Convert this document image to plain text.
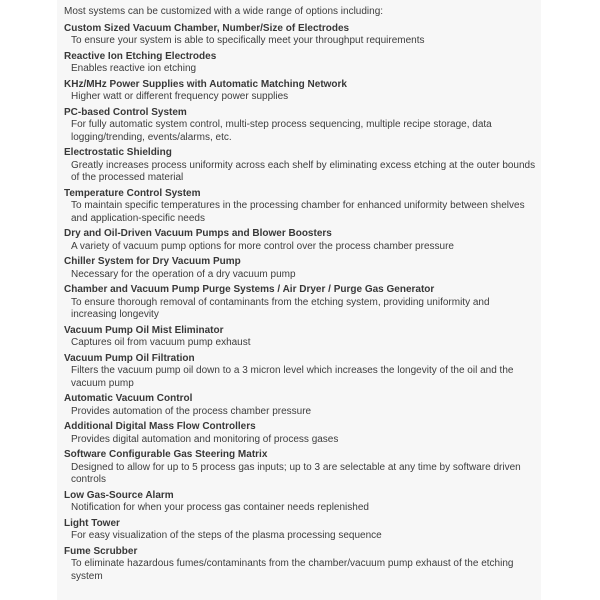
Most systems can be customized with a wide range of options including:

Custom Sized Vacuum Chamber, Number/Size of Electrodes
To ensure your system is able to specifically meet your throughput requirements
Reactive Ion Etching Electrodes
Enables reactive ion etching
KHz/MHz Power Supplies with Automatic Matching Network
Higher watt or different frequency power supplies
PC-based Control System
For fully automatic system control, multi-step process sequencing, multiple recipe storage, data logging/trending, events/alarms, etc.
Electrostatic Shielding
Greatly increases process uniformity across each shelf by eliminating excess etching at the outer bounds of the processed material
Temperature Control System
To maintain specific temperatures in the processing chamber for enhanced uniformity between shelves and application-specific needs
Dry and Oil-Driven Vacuum Pumps and Blower Boosters
A variety of vacuum pump options for more control over the process chamber pressure
Chiller System for Dry Vacuum Pump
Necessary for the operation of a dry vacuum pump
Chamber and Vacuum Pump Purge Systems / Air Dryer / Purge Gas Generator
To ensure thorough removal of contaminants from the etching system, providing uniformity and increasing longevity
Vacuum Pump Oil Mist Eliminator
Captures oil from vacuum pump exhaust
Vacuum Pump Oil Filtration
Filters the vacuum pump oil down to a 3 micron level which increases the longevity of the oil and the vacuum pump
Automatic Vacuum Control
Provides automation of the process chamber pressure
Additional Digital Mass Flow Controllers
Provides digital automation and monitoring of process gases
Software Configurable Gas Steering Matrix
Designed to allow for up to 5 process gas inputs; up to 3 are selectable at any time by software driven controls
Low Gas-Source Alarm
Notification for when your process gas container needs replenished
Light Tower
For easy visualization of the steps of the plasma processing sequence
Fume Scrubber
To eliminate hazardous fumes/contaminants from the chamber/vacuum pump exhaust of the etching system
